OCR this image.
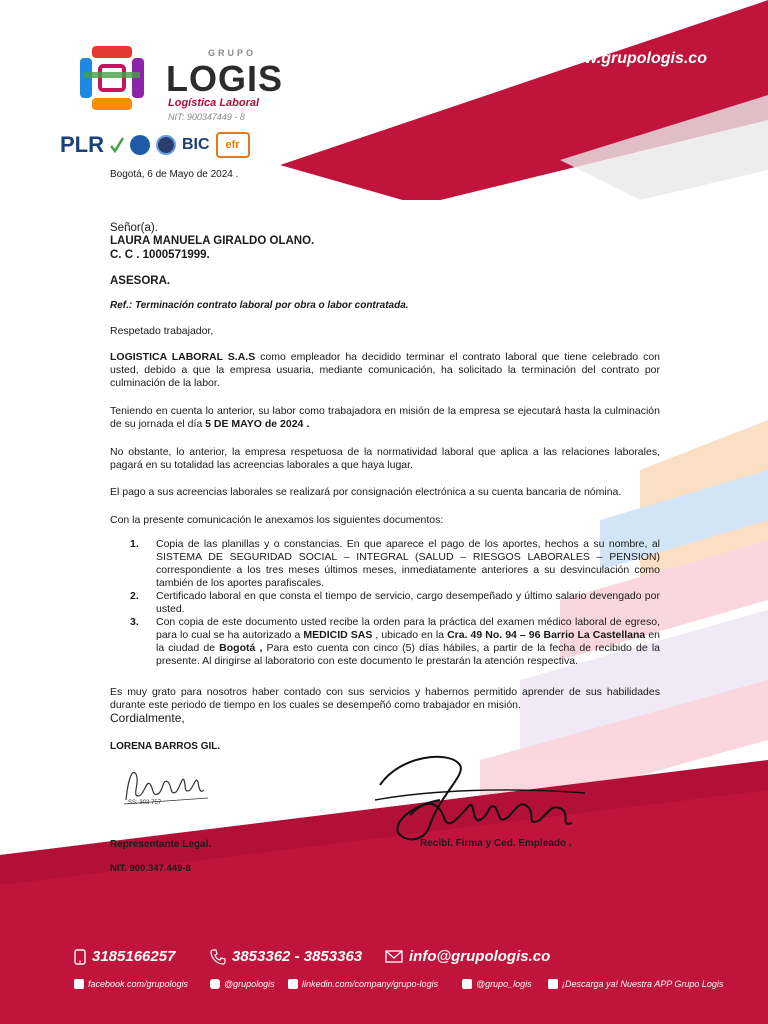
www.grupologis.co
GRUPO
LOGIS
Logística Laboral
NIT: 900347449 - 8
PLR	BIC	efr
Bogotá, 6 de Mayo de 2024 .
Señor(a).
LAURA MANUELA GIRALDO OLANO.
C. C . 1000571999.
ASESORA.
Ref.: Terminación contrato laboral por obra o labor contratada.
Respetado trabajador,
LOGISTICA LABORAL S.A.S como empleador ha decidido terminar el contrato laboral que tiene celebrado con usted, debido a que la empresa usuaria, mediante comunicación, ha solicitado la terminación del contrato por culminación de la labor.
Teniendo en cuenta lo anterior, su labor como trabajadora en misión de la empresa se ejecutará hasta la culminación de su jornada el día 5 DE MAYO de 2024 .
No obstante, lo anterior, la empresa respetuosa de la normatividad laboral que aplica a las relaciones laborales, pagará en su totalidad las acreencias laborales a que haya lugar.
El pago a sus acreencias laborales se realizará por consignación electrónica a su cuenta bancaria de nómina.
Con la presente comunicación le anexamos los siguientes documentos:
1. Copia de las planillas y o constancias. En que aparece el pago de los aportes, hechos a su nombre, al SISTEMA DE SEGURIDAD SOCIAL – INTEGRAL (SALUD – RIESGOS LABORALES – PENSION) correspondiente a los tres meses últimos meses, inmediatamente anteriores a su desvinculación como también de los aportes parafiscales.
2. Certificado laboral en que consta el tiempo de servicio, cargo desempeñado y último salario devengado por usted.
3. Con copia de este documento usted recibe la orden para la práctica del examen médico laboral de egreso, para lo cual se ha autorizado a MEDICID SAS , ubicado en la Cra. 49 No. 94 – 96 Barrio La Castellana en la ciudad de Bogotá , Para esto cuenta con cinco (5) días hábiles, a partir de la fecha de recibido de la presente. Al dirigirse al laboratorio con este documento le prestarán la atención respectiva.
Es muy grato para nosotros haber contado con sus servicios y habernos permitido aprender de sus habilidades durante este periodo de tiempo en los cuales se desempeñó como trabajador en misión.
Cordialmente,
LORENA BARROS GIL.
SS: 303 757
Representante Legal.
NIT. 900.347.449-8
Recibí. Firma y Ced. Empleado .
3185166257	3853362 - 3853363	info@grupologis.co
facebook.com/grupologis	@grupologis	linkedin.com/company/grupo-logis	@grupo_logis	¡Descarga ya! Nuestra APP Grupo Logis
